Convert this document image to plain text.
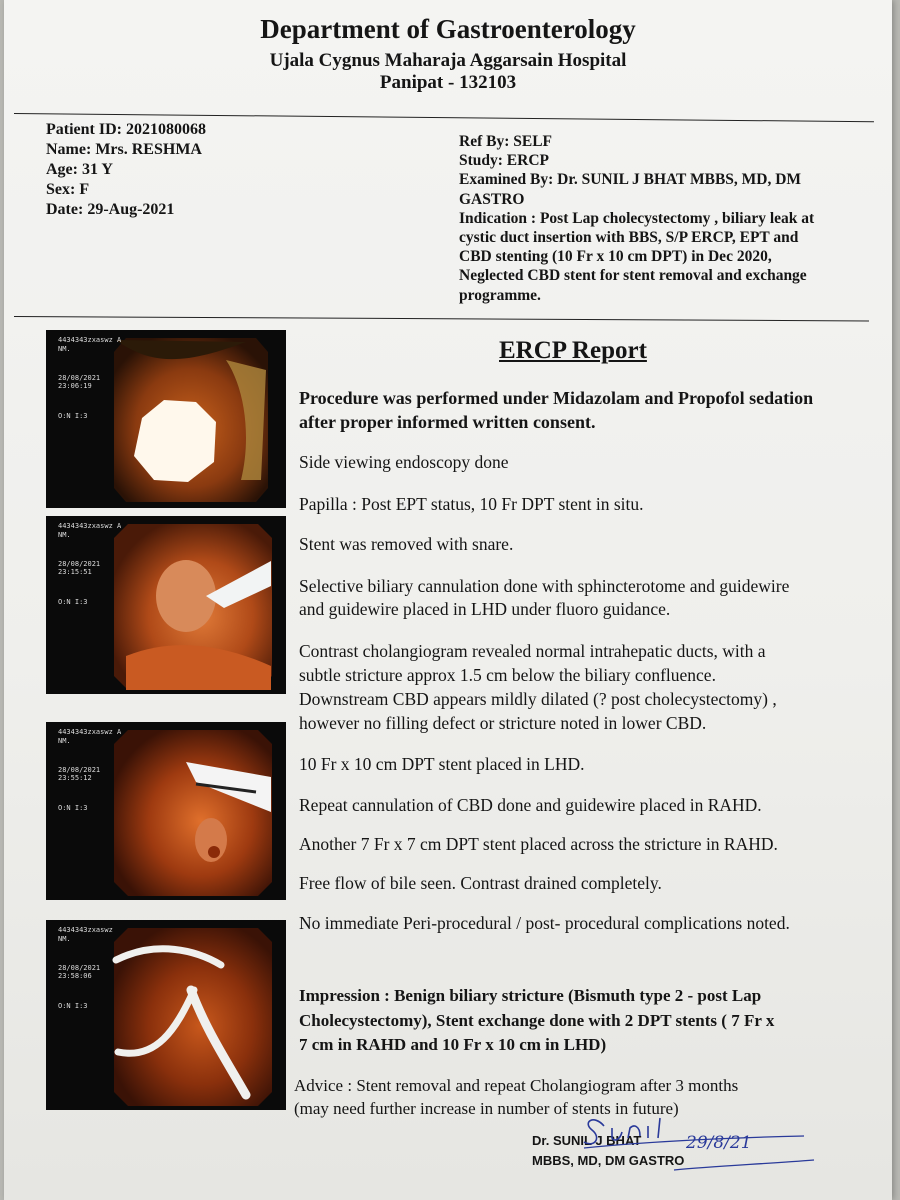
Department of Gastroenterology
Ujala Cygnus Maharaja Aggarsain Hospital
Panipat - 132103
Patient ID: 2021080068
Name: Mrs. RESHMA
Age: 31 Y
Sex: F
Date: 29-Aug-2021
Ref By: SELF
Study: ERCP
Examined By: Dr. SUNIL J BHAT MBBS, MD, DM
GASTRO
Indication : Post Lap cholecystectomy , biliary leak at
cystic duct insertion with BBS, S/P ERCP, EPT and
CBD stenting (10 Fr x 10 cm DPT) in Dec 2020,
Neglected CBD stent for stent removal and exchange
programme.
ERCP Report
Procedure was performed under Midazolam and Propofol sedation
after proper informed written consent.
Side viewing endoscopy done
Papilla : Post EPT status, 10 Fr DPT stent in situ.
Stent was removed with snare.
Selective biliary cannulation done with sphincterotome and guidewire
and guidewire placed in LHD under fluoro guidance.
Contrast cholangiogram revealed normal intrahepatic ducts, with a
subtle stricture approx 1.5 cm below the biliary confluence.
Downstream CBD appears mildly dilated (? post cholecystectomy) ,
however no filling defect or stricture noted in lower CBD.
10 Fr x 10 cm DPT stent placed in LHD.
Repeat cannulation of CBD done and guidewire placed in RAHD.
Another 7 Fr x 7 cm DPT stent placed across the stricture in RAHD.
Free flow of bile seen. Contrast drained completely.
No immediate Peri-procedural / post- procedural complications noted.
Impression : Benign biliary stricture (Bismuth type 2 - post Lap
Cholecystectomy), Stent exchange done with 2 DPT stents ( 7 Fr x
7 cm in RAHD and 10 Fr x 10 cm in LHD)
Advice : Stent removal and repeat Cholangiogram after 3 months
(may need further increase in number of stents in future)
4434343zxaswz A
NM.
28/08/2021
23:06:19
O:N I:3
4434343zxaswz A
NM.
28/08/2021
23:15:51
O:N I:3
4434343zxaswz A
NM.
28/08/2021
23:55:12
O:N I:3
4434343zxaswz
NM.
28/08/2021
23:58:06
O:N I:3
Dr. SUNIL J BHAT
MBBS, MD, DM GASTRO
29/8/21
